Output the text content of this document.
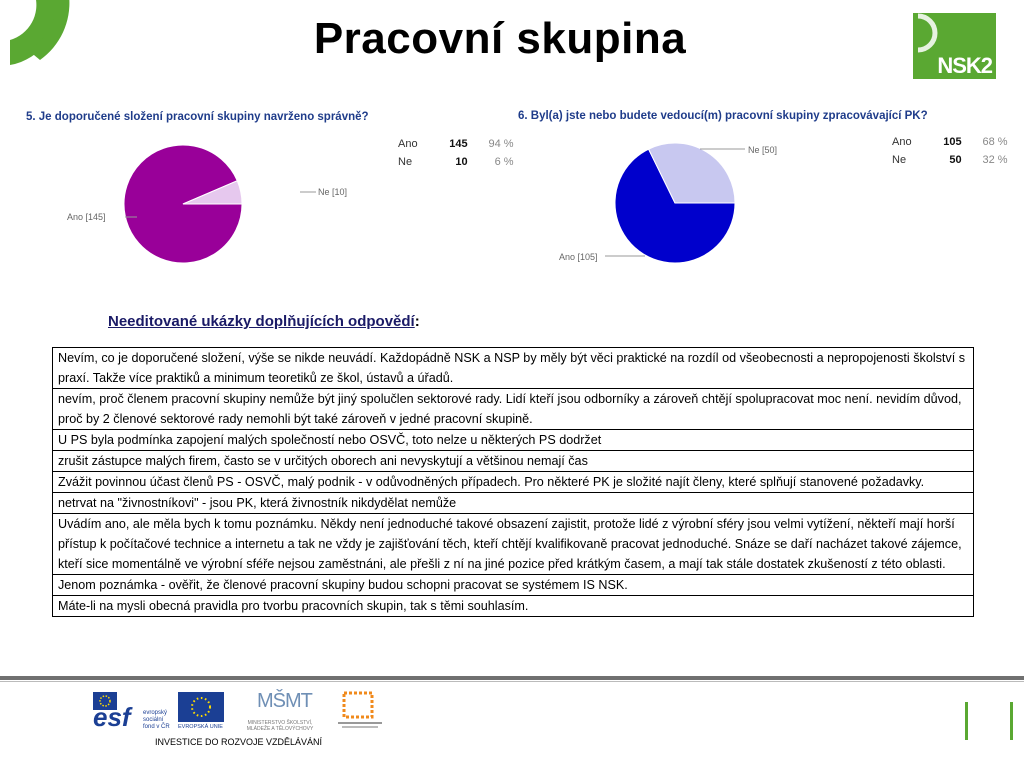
Pracovní skupina
NSK2
5. Je doporučené složení pracovní skupiny navrženo správně?
Ano	145	94 %
Ne	10	6 %
Ne [10]
Ano [145]
6. Byl(a) jste nebo budete vedoucí(m) pracovní skupiny zpracovávající PK?
Ano	105	68 %
Ne	50	32 %
Ne [50]
Ano [105]
Needitované ukázky doplňujících odpovědí:
Nevím, co je doporučené složení, výše se nikde neuvádí. Každopádně NSK a NSP by měly být věci praktické na rozdíl od všeobecnosti a nepropojenosti školství s praxí. Takže více praktiků a minimum teoretiků ze škol, ústavů a úřadů.
nevím, proč členem pracovní skupiny nemůže být jiný spolučlen sektorové rady. Lidí kteří jsou odborníky a zároveň chtějí spolupracovat moc není. nevidím důvod, proč by 2 členové sektorové rady nemohli být také zároveň v jedné pracovní skupině.
U PS byla podmínka zapojení malých společností nebo OSVČ, toto nelze u některých PS dodržet
zrušit zástupce malých firem, často se v určitých oborech ani nevyskytují a většinou nemají čas
Zvážit povinnou účast členů PS - OSVČ, malý podnik - v odůvodněných případech. Pro některé PK je složité najít členy, které splňují stanovené požadavky.
netrvat na "živnostníkovi" - jsou PK, která živnostník nikdydělat nemůže
Uvádím ano, ale měla bych k tomu poznámku. Někdy není jednoduché takové obsazení zajistit, protože lidé z výrobní sféry jsou velmi vytížení, někteří mají horší přístup k počítačové technice a internetu a tak ne vždy je zajišťování těch, kteří chtějí kvalifikovaně pracovat jednoduché. Snáze se daří nacházet takové zájemce, kteří sice momentálně ve výrobní sféře nejsou zaměstnáni, ale přešli z ní na jiné pozice před krátkým časem, a mají tak stále dostatek zkušeností z této oblasti.
Jenom poznámka - ověřit, že členové pracovní skupiny budou schopni pracovat se systémem IS NSK.
Máte-li na mysli obecná pravidla pro tvorbu pracovních skupin, tak s těmi souhlasím.
esf evropský
sociální
fond v ČR EVROPSKÁ UNIE
MŠMT
MINISTERSTVO ŠKOLSTVÍ,
MLÁDEŽE A TĚLOVÝCHOVY
INVESTICE DO ROZVOJE VZDĚLÁVÁNÍ
